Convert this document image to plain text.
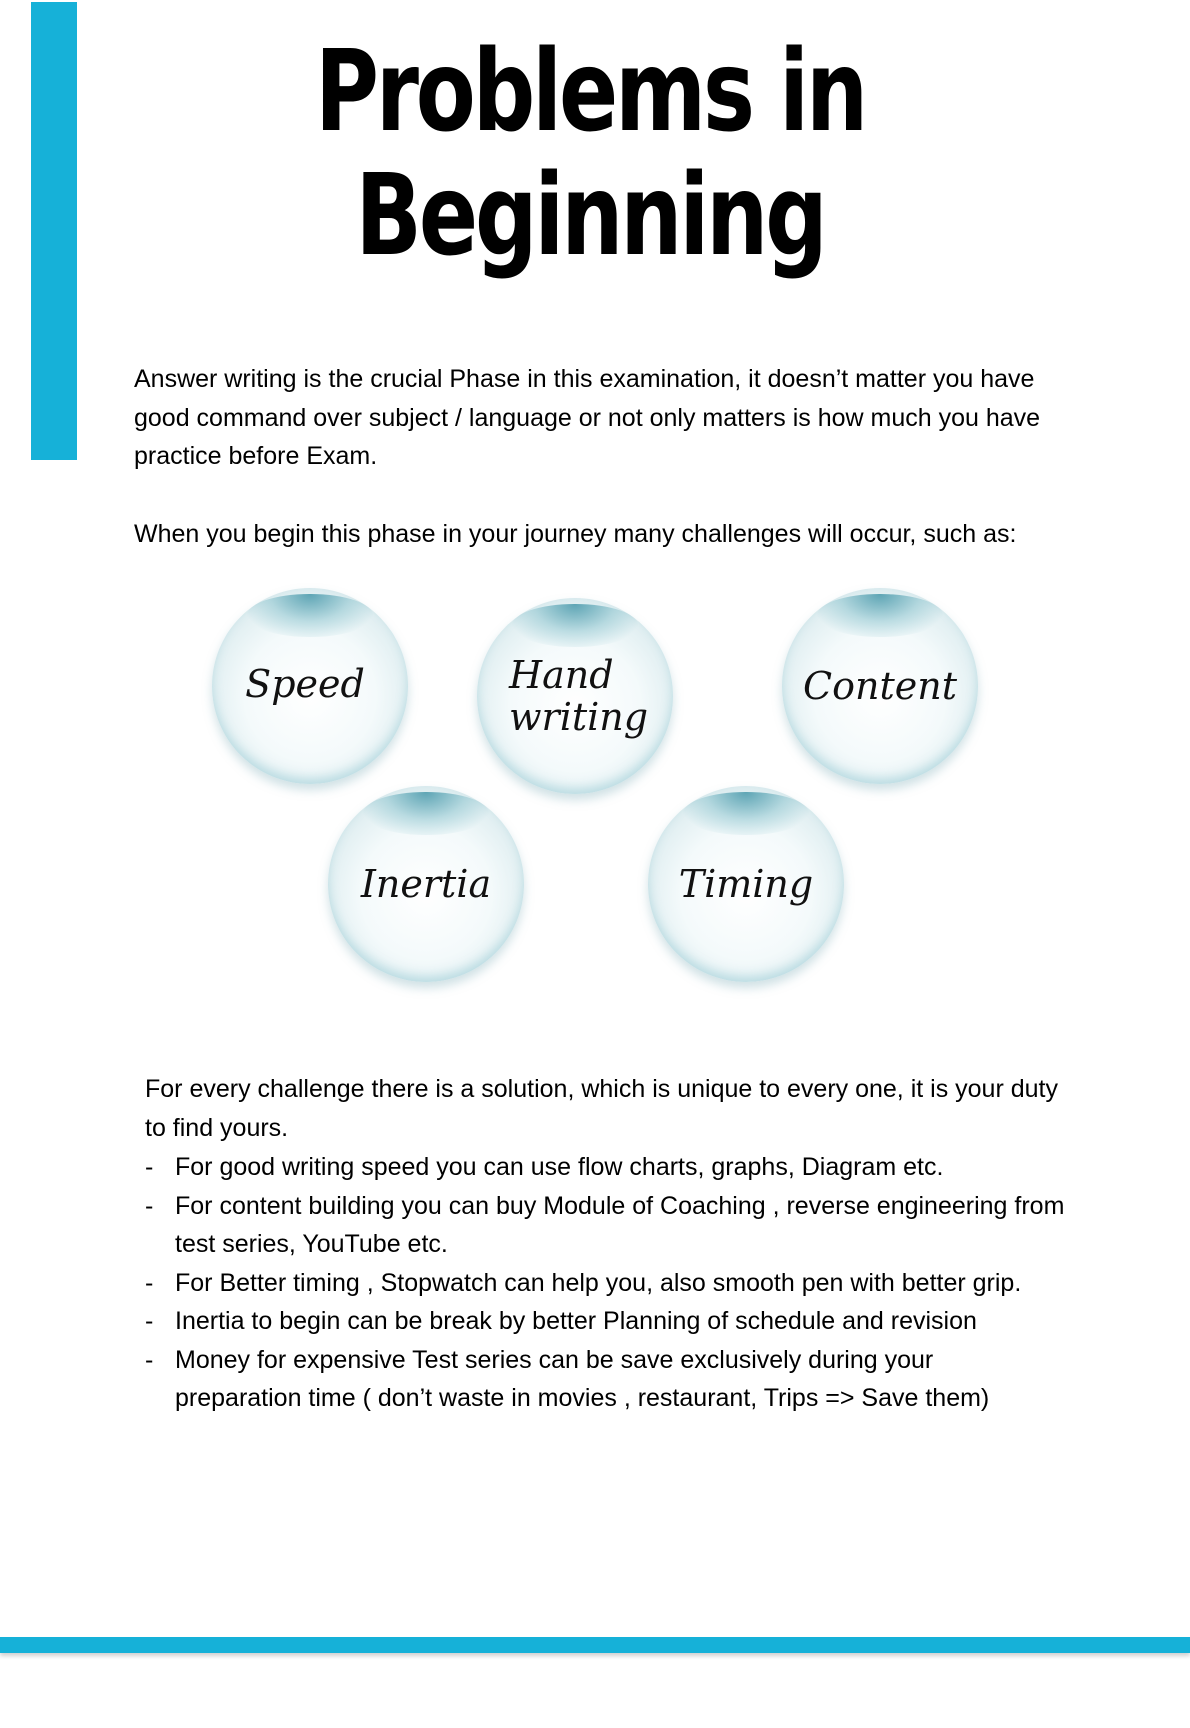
Problems in
Beginning

Answer writing is the crucial Phase in this examination, it doesn’t matter you have good command over subject / language or not only matters is how much you have practice before Exam.

When you begin this phase in your journey many challenges will occur, such as:

Speed	Hand
writing
Content
Inertia	Timing

For every challenge there is a solution, which is unique to every one, it is your duty to find yours.

- For good writing speed you can use flow charts, graphs, Diagram etc.
- For content building you can buy Module of Coaching , reverse engineering from test series, YouTube etc.
- For Better timing , Stopwatch can help you, also smooth pen with better grip.
- Inertia to begin can be break by better Planning of schedule and revision
- Money for expensive Test series can be save exclusively during your preparation time ( don’t waste in movies , restaurant, Trips => Save them)
